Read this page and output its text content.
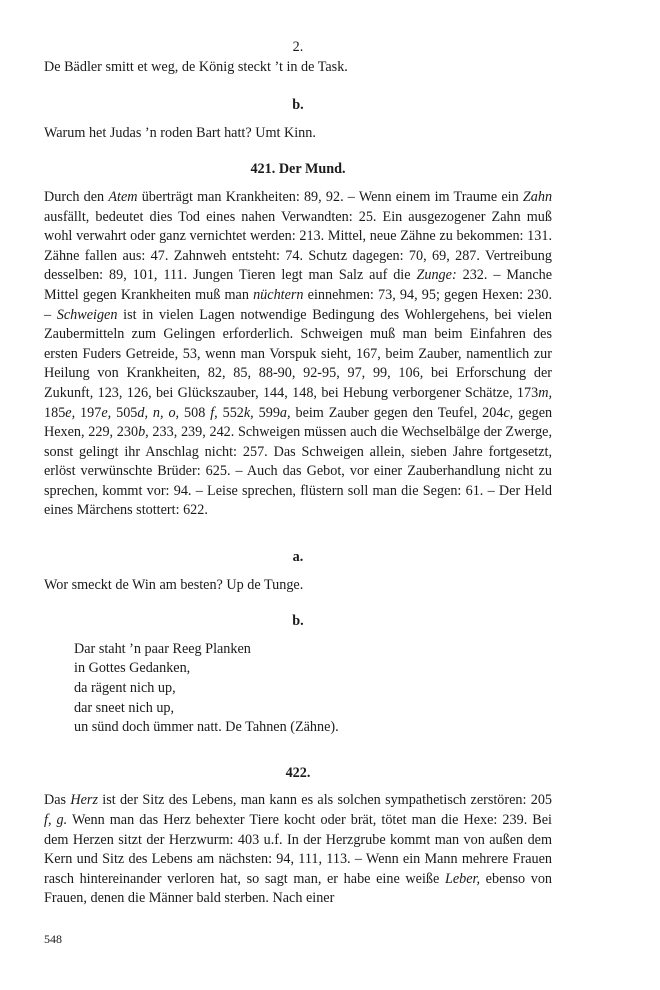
2.

De Bädler smitt et weg, de König steckt ’t in de Task.

b.

Warum het Judas ’n roden Bart hatt? Umt Kinn.

421. Der Mund.

Durch den Atem überträgt man Krankheiten: 89, 92. – Wenn einem im Traume ein Zahn ausfällt, bedeutet dies Tod eines nahen Verwandten: 25. Ein ausgezogener Zahn muß wohl verwahrt oder ganz vernichtet werden: 213. Mittel, neue Zähne zu bekommen: 131. Zähne fallen aus: 47. Zahnweh entsteht: 74. Schutz dagegen: 70, 69, 287. Vertreibung desselben: 89, 101, 111. Jungen Tieren legt man Salz auf die Zunge: 232. – Manche Mittel gegen Krankheiten muß man nüchtern einnehmen: 73, 94, 95; gegen Hexen: 230. – Schweigen ist in vielen Lagen notwendige Bedingung des Wohlergehens, bei vielen Zaubermitteln zum Gelingen erforderlich. Schweigen muß man beim Einfahren des ersten Fuders Getreide, 53, wenn man Vorspuk sieht, 167, beim Zauber, namentlich zur Heilung von Krankheiten, 82, 85, 88-90, 92-95, 97, 99, 106, bei Erforschung der Zukunft, 123, 126, bei Glückszauber, 144, 148, bei Hebung verborgener Schätze, 173m, 185e, 197e, 505d, n, o, 508 f, 552k, 599a, beim Zauber gegen den Teufel, 204c, gegen Hexen, 229, 230b, 233, 239, 242. Schweigen müssen auch die Wechselbälge der Zwerge, sonst gelingt ihr Anschlag nicht: 257. Das Schweigen allein, sieben Jahre fortgesetzt, erlöst verwünschte Brüder: 625. – Auch das Gebot, vor einer Zauberhandlung nicht zu sprechen, kommt vor: 94. – Leise sprechen, flüstern soll man die Segen: 61. – Der Held eines Märchens stottert: 622.

a.

Wor smeckt de Win am besten? Up de Tunge.

b.

Dar staht ’n paar Reeg Planken
in Gottes Gedanken,
da rägent nich up,
dar sneet nich up,
un sünd doch ümmer natt. De Tahnen (Zähne).

422.

Das Herz ist der Sitz des Lebens, man kann es als solchen sympathetisch zerstören: 205 f, g. Wenn man das Herz behexter Tiere kocht oder brät, tötet man die Hexe: 239. Bei dem Herzen sitzt der Herzwurm: 403 u.f. In der Herzgrube kommt man von außen dem Kern und Sitz des Lebens am nächsten: 94, 111, 113. – Wenn ein Mann mehrere Frauen rasch hintereinander verloren hat, so sagt man, er habe eine weiße Leber, ebenso von Frauen, denen die Männer bald sterben. Nach einer

548
